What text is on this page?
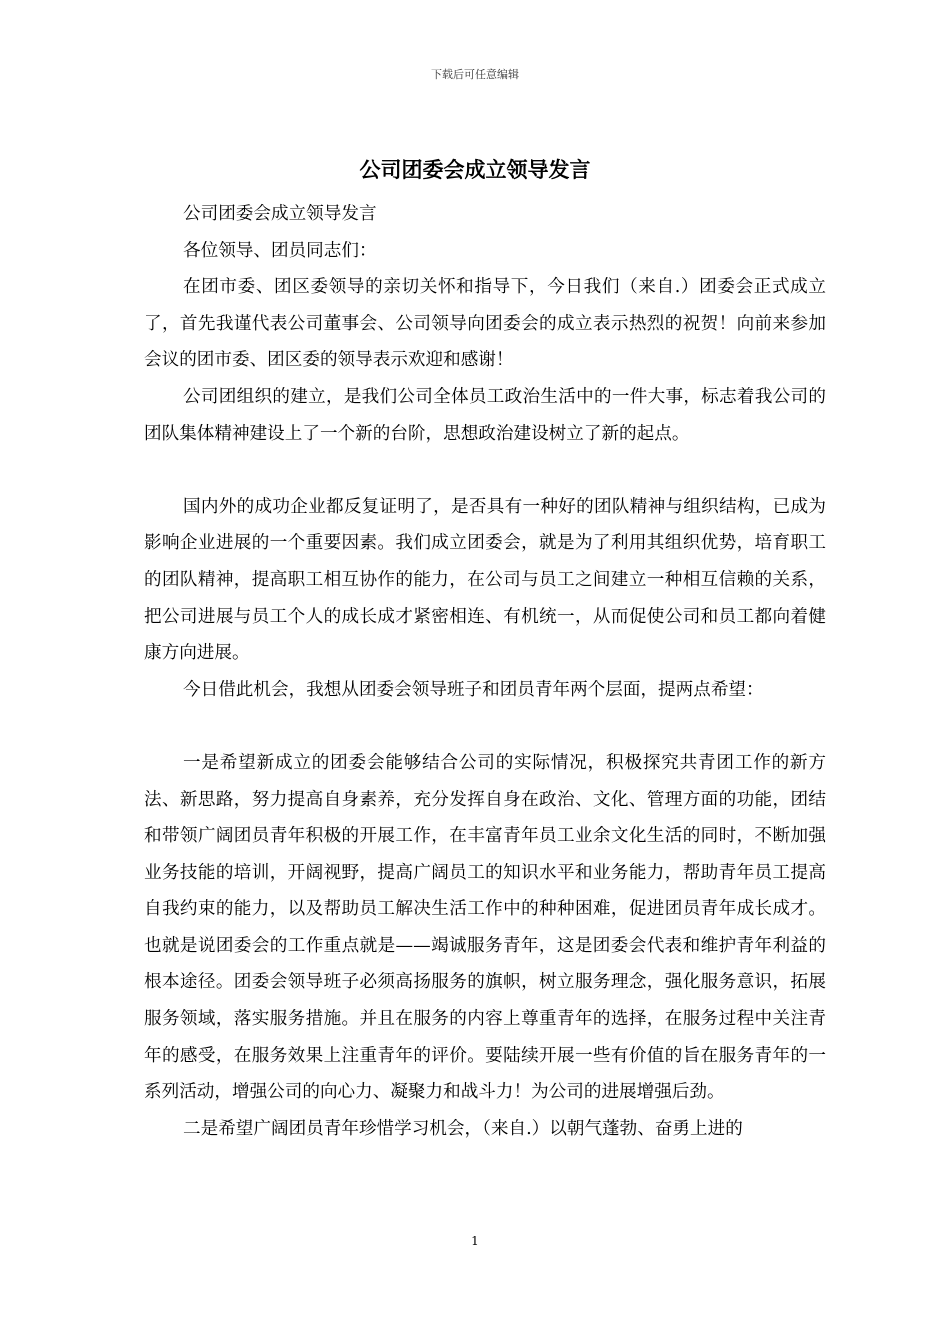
下载后可任意编辑
公司团委会成立领导发言

公司团委会成立领导发言

各位领导、团员同志们：

在团市委、团区委领导的亲切关怀和指导下，今日我们（来自.）团委会正式成立了，首先我谨代表公司董事会、公司领导向团委会的成立表示热烈的祝贺！向前来参加会议的团市委、团区委的领导表示欢迎和感谢！

公司团组织的建立，是我们公司全体员工政治生活中的一件大事，标志着我公司的团队集体精神建设上了一个新的台阶，思想政治建设树立了新的起点。

国内外的成功企业都反复证明了，是否具有一种好的团队精神与组织结构，已成为影响企业进展的一个重要因素。我们成立团委会，就是为了利用其组织优势，培育职工的团队精神，提高职工相互协作的能力，在公司与员工之间建立一种相互信赖的关系，把公司进展与员工个人的成长成才紧密相连、有机统一，从而促使公司和员工都向着健康方向进展。

今日借此机会，我想从团委会领导班子和团员青年两个层面，提两点希望：

一是希望新成立的团委会能够结合公司的实际情况，积极探究共青团工作的新方法、新思路，努力提高自身素养，充分发挥自身在政治、文化、管理方面的功能，团结和带领广阔团员青年积极的开展工作，在丰富青年员工业余文化生活的同时，不断加强业务技能的培训，开阔视野，提高广阔员工的知识水平和业务能力，帮助青年员工提高自我约束的能力，以及帮助员工解决生活工作中的种种困难，促进团员青年成长成才。也就是说团委会的工作重点就是——竭诚服务青年，这是团委会代表和维护青年利益的根本途径。团委会领导班子必须高扬服务的旗帜，树立服务理念，强化服务意识，拓展服务领域，落实服务措施。并且在服务的内容上尊重青年的选择，在服务过程中关注青年的感受，在服务效果上注重青年的评价。要陆续开展一些有价值的旨在服务青年的一系列活动，增强公司的向心力、凝聚力和战斗力！为公司的进展增强后劲。

二是希望广阔团员青年珍惜学习机会，（来自.）以朝气蓬勃、奋勇上进的

1
